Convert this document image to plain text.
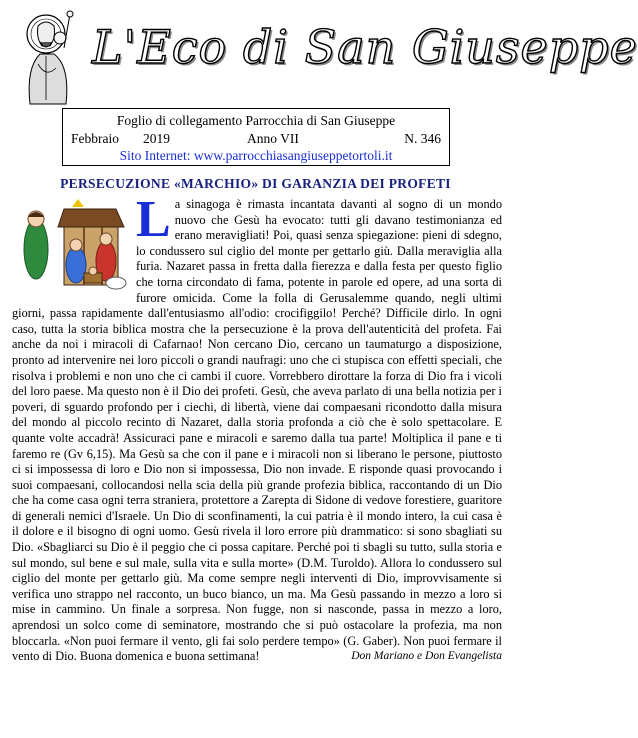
L'Eco di San Giuseppe
Foglio di collegamento Parrocchia di San Giuseppe
Febbraio 2019	Anno VII	N. 346
Sito Internet: www.parrocchiasangiuseppetortoli.it
PERSECUZIONE «MARCHIO» DI GARANZIA DEI PROFETI
L a sinagoga è rimasta incantata davanti al sogno di un mondo nuovo che Gesù ha evocato: tutti gli davano testimonianza ed erano meravigliati! Poi, quasi senza spiegazione: pieni di sdegno, lo condussero sul ciglio del monte per gettarlo giù. Dalla meraviglia alla furia. Nazaret passa in fretta dalla fierezza e dalla festa per questo figlio che torna circondato di fama, potente in parole ed opere, ad una sorta di furore omicida. Come la folla di Gerusalemme quando, negli ultimi giorni, passa rapidamente dall'entusiasmo all'odio: crocifiggilo! Perché? Difficile dirlo. In ogni caso, tutta la storia biblica mostra che la persecuzione è la prova dell'autenticità del profeta. Fai anche da noi i miracoli di Cafarnao! Non cercano Dio, cercano un taumaturgo a disposizione, pronto ad intervenire nei loro piccoli o grandi naufragi: uno che ci stupisca con effetti speciali, che risolva i problemi e non uno che ci cambi il cuore. Vorrebbero dirottare la forza di Dio fra i vicoli del loro paese. Ma questo non è il Dio dei profeti. Gesù, che aveva parlato di una bella notizia per i poveri, di sguardo profondo per i ciechi, di libertà, viene dai compaesani ricondotto dalla misura del mondo al piccolo recinto di Nazaret, dalla storia profonda a ciò che è solo spettacolare. E quante volte accadrà! Assicuraci pane e miracoli e saremo dalla tua parte! Moltiplica il pane e ti faremo re (Gv 6,15). Ma Gesù sa che con il pane e i miracoli non si liberano le persone, piuttosto ci si impossessa di loro e Dio non si impossessa, Dio non invade. E risponde quasi provocando i suoi compaesani, collocandosi nella scia della più grande profezia biblica, raccontando di un Dio che ha come casa ogni terra straniera, protettore a Zarepta di Sidone di vedove forestiere, guaritore di generali nemici d'Israele. Un Dio di sconfinamenti, la cui patria è il mondo intero, la cui casa è il dolore e il bisogno di ogni uomo. Gesù rivela il loro errore più drammatico: si sono sbagliati su Dio. «Sbagliarci su Dio è il peggio che ci possa capitare. Perché poi ti sbagli su tutto, sulla storia e sul mondo, sul bene e sul male, sulla vita e sulla morte» (D.M. Turoldo). Allora lo condussero sul ciglio del monte per gettarlo giù. Ma come sempre negli interventi di Dio, improvvisamente si verifica uno strappo nel racconto, un buco bianco, un ma. Ma Gesù passando in mezzo a loro si mise in cammino. Un finale a sorpresa. Non fugge, non si nasconde, passa in mezzo a loro, aprendosi un solco come di seminatore, mostrando che si può ostacolare la profezia, ma non bloccarla. «Non puoi fermare il vento, gli fai solo perdere tempo» (G. Gaber). Non puoi fermare il vento di Dio. Buona domenica e buona settimana!	Don Mariano e Don Evangelista
